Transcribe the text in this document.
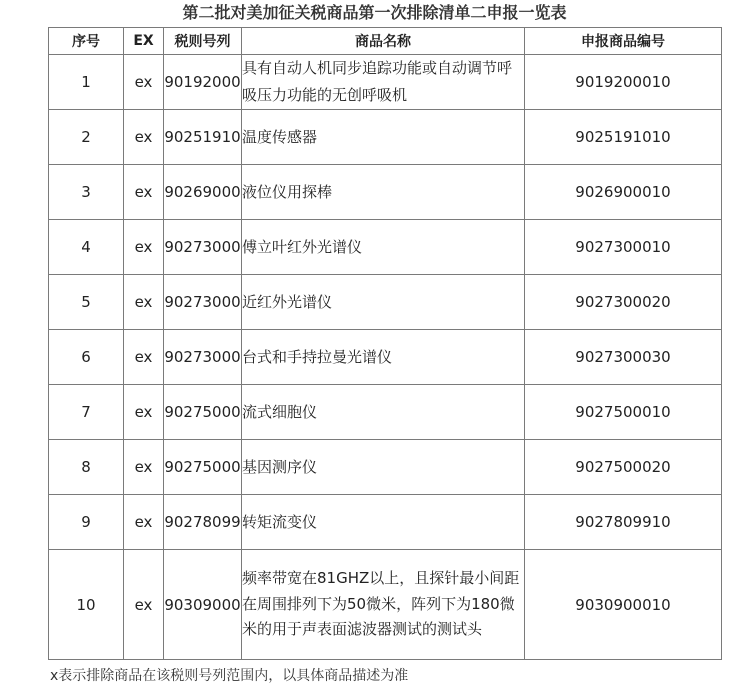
第二批对美加征关税商品第一次排除清单二申报一览表
序号	EX	税则号列	商品名称	申报商品编号
1	ex	90192000	具有自动人机同步追踪功能或自动调节呼吸压力功能的无创呼吸机	9019200010
2	ex	90251910	温度传感器	9025191010
3	ex	90269000	液位仪用探棒	9026900010
4	ex	90273000	傅立叶红外光谱仪	9027300010
5	ex	90273000	近红外光谱仪	9027300020
6	ex	90273000	台式和手持拉曼光谱仪	9027300030
7	ex	90275000	流式细胞仪	9027500010
8	ex	90275000	基因测序仪	9027500020
9	ex	90278099	转矩流变仪	9027809910
10	ex	90309000	频率带宽在81GHZ以上，且探针最小间距在周围排列下为50微米，阵列下为180微米的用于声表面滤波器测试的测试头	9030900010
x表示排除商品在该税则号列范围内，以具体商品描述为准
